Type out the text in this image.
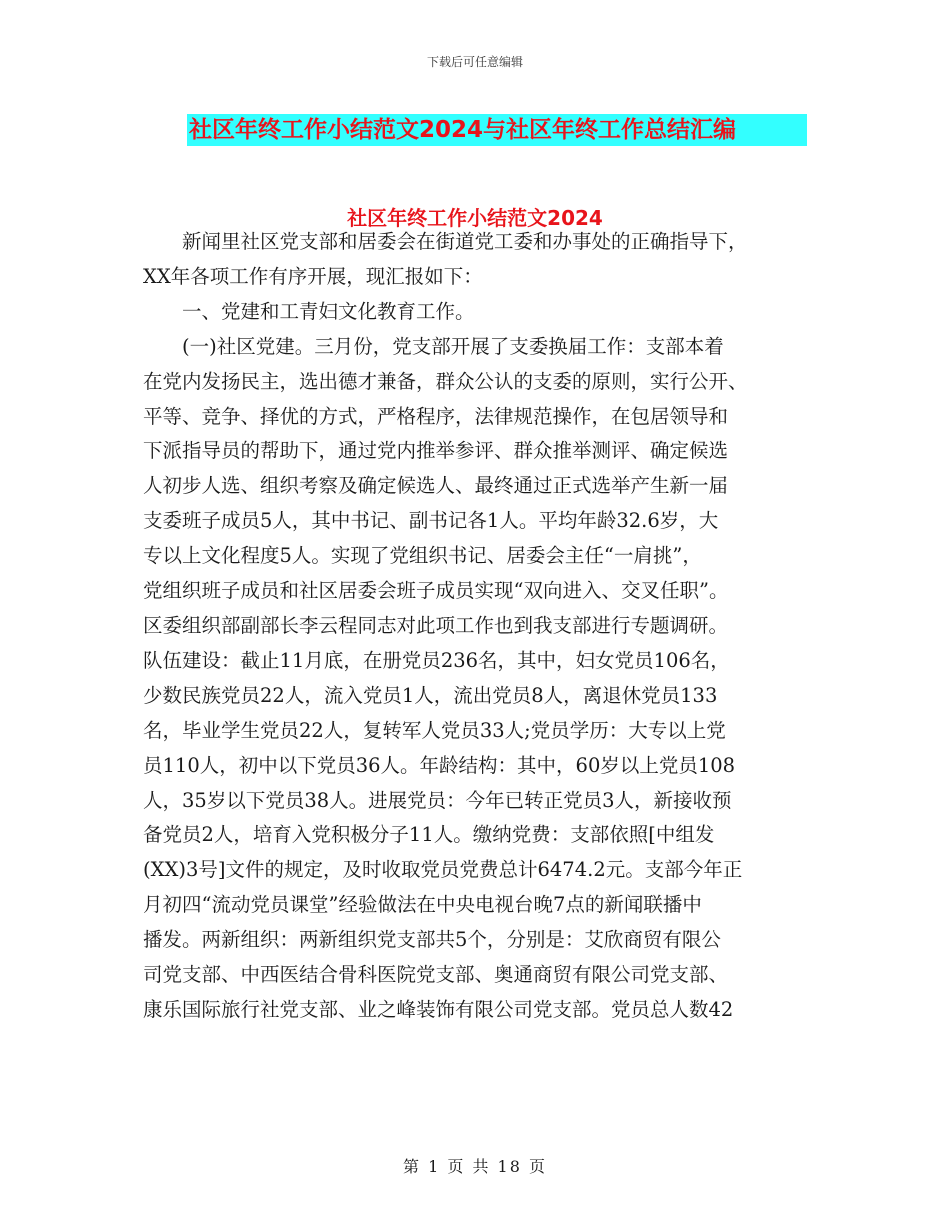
下载后可任意编辑
社区年终工作小结范文2024与社区年终工作总结汇编
社区年终工作小结范文2024
　　新闻里社区党支部和居委会在街道党工委和办事处的正确指导下，
XX年各项工作有序开展，现汇报如下：
　　一、党建和工青妇文化教育工作。
　　(一)社区党建。三月份，党支部开展了支委换届工作：支部本着
在党内发扬民主，选出德才兼备，群众公认的支委的原则，实行公开、
平等、竞争、择优的方式，严格程序，法律规范操作，在包居领导和
下派指导员的帮助下，通过党内推举参评、群众推举测评、确定候选
人初步人选、组织考察及确定候选人、最终通过正式选举产生新一届
支委班子成员5人，其中书记、副书记各1人。平均年龄32.6岁，大
专以上文化程度5人。实现了党组织书记、居委会主任“一肩挑”，
党组织班子成员和社区居委会班子成员实现“双向进入、交叉任职”。
区委组织部副部长李云程同志对此项工作也到我支部进行专题调研。
队伍建设：截止11月底，在册党员236名，其中，妇女党员106名，
少数民族党员22人，流入党员1人，流出党员8人，离退休党员133
名，毕业学生党员22人，复转军人党员33人;党员学历：大专以上党
员110人，初中以下党员36人。年龄结构：其中，60岁以上党员108
人，35岁以下党员38人。进展党员：今年已转正党员3人，新接收预
备党员2人，培育入党积极分子11人。缴纳党费：支部依照[中组发
(XX)3号]文件的规定，及时收取党员党费总计6474.2元。支部今年正
月初四“流动党员课堂”经验做法在中央电视台晚7点的新闻联播中
播发。两新组织：两新组织党支部共5个，分别是：艾欣商贸有限公
司党支部、中西医结合骨科医院党支部、奥通商贸有限公司党支部、
康乐国际旅行社党支部、业之峰装饰有限公司党支部。党员总人数42
第 1 页 共 18 页
